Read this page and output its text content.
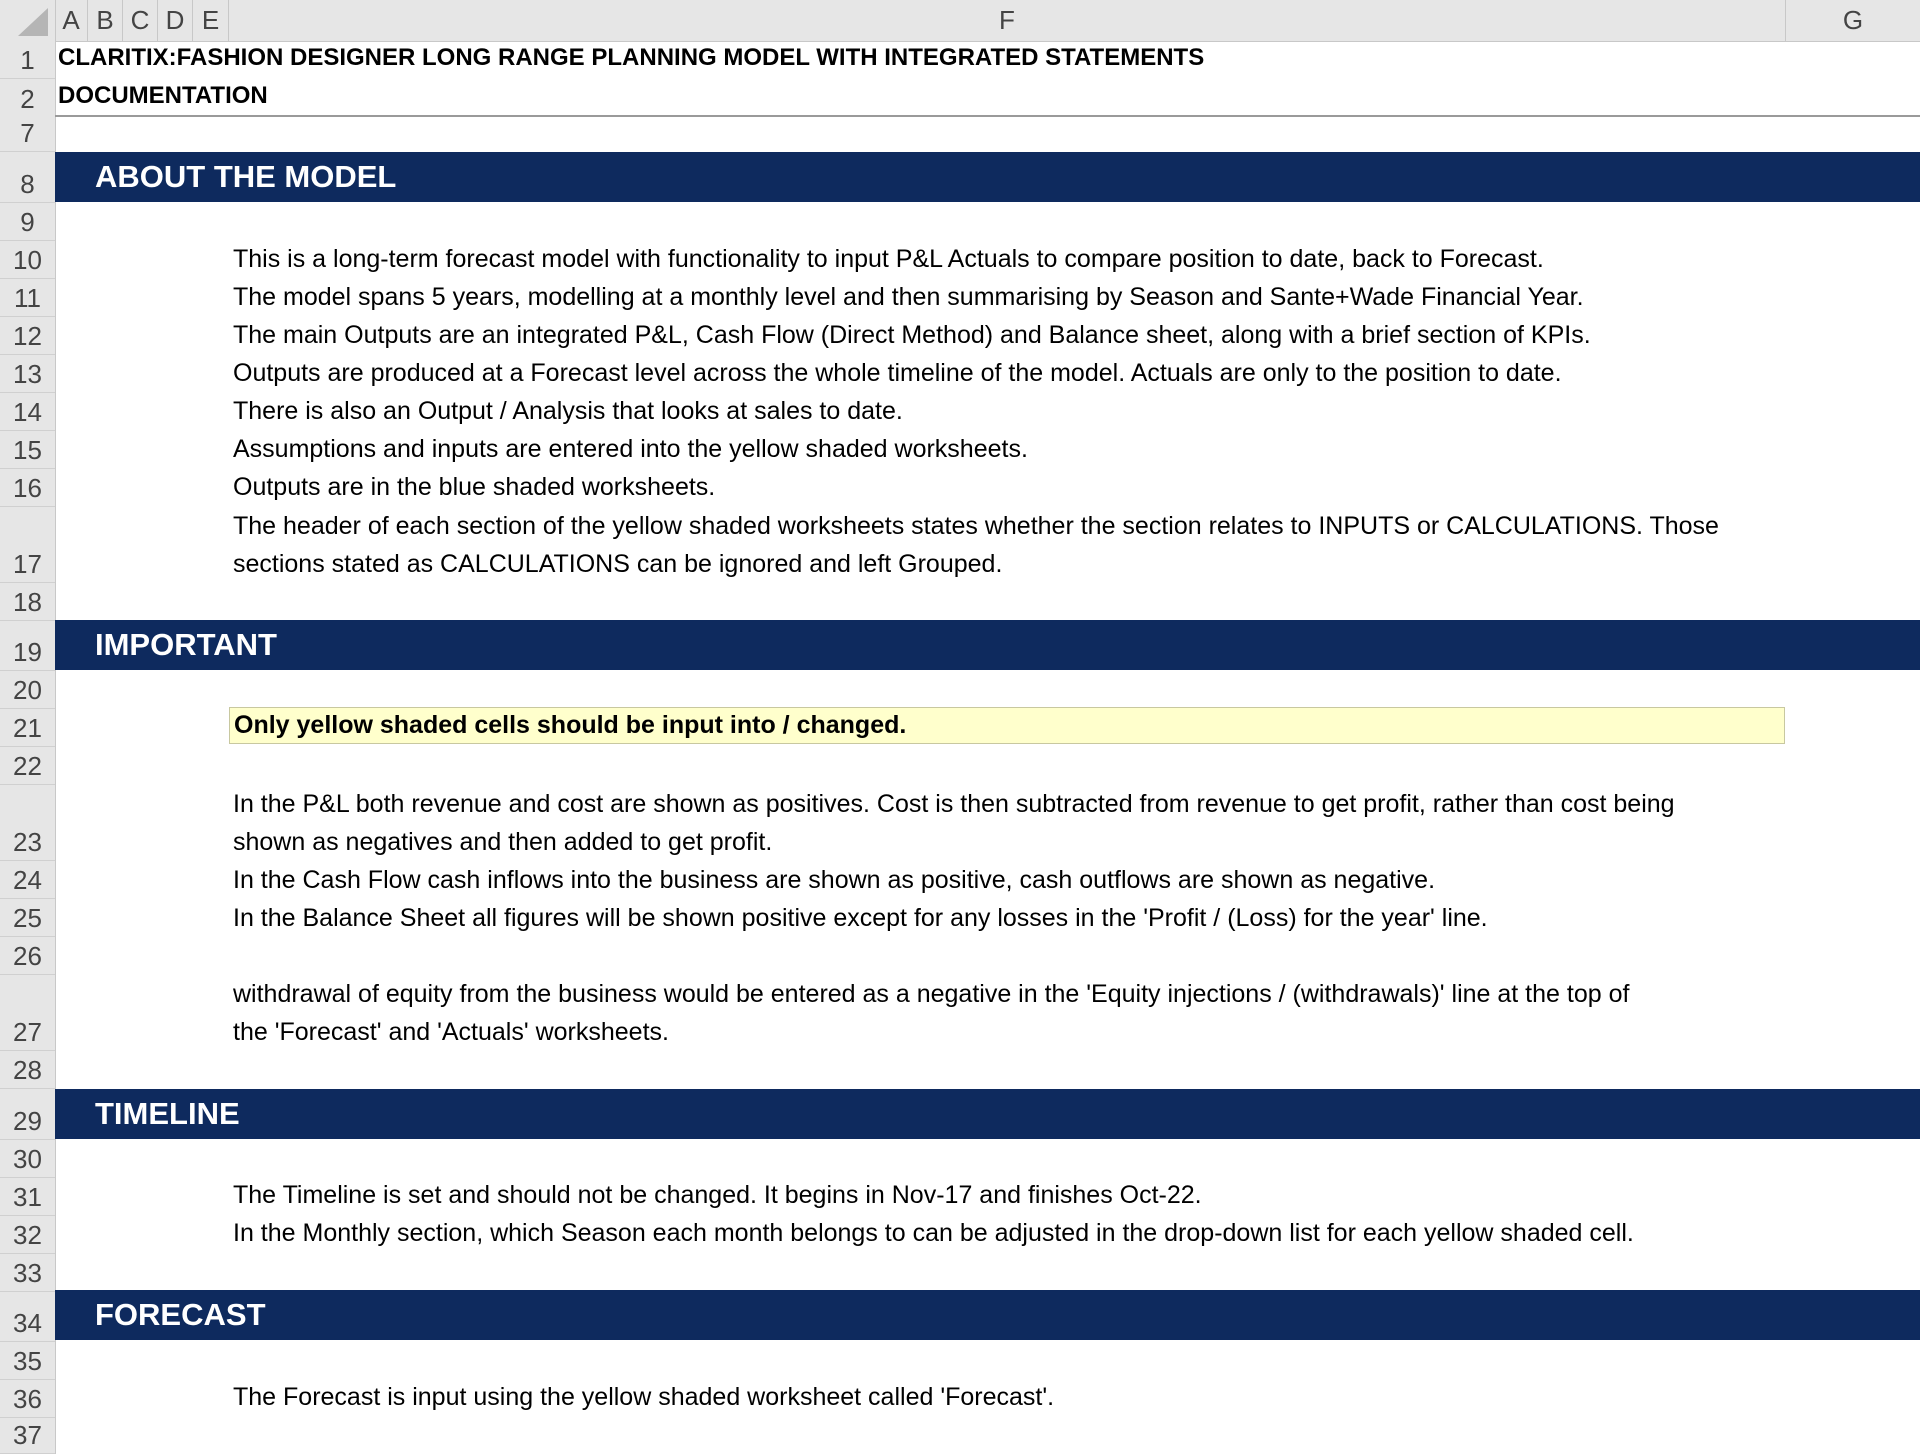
A B C D E	F	G
1
2
7
8
9
10
11
12
13
14
15
16
17
18
19
20
21
22
23
24
25
26
27
28
29
30
31
32
33
34
35
36
37
CLARITIX:FASHION DESIGNER LONG RANGE PLANNING MODEL WITH INTEGRATED STATEMENTS
DOCUMENTATION
ABOUT THE MODEL
This is a long-term forecast model with functionality to input P&L Actuals to compare position to date, back to Forecast.
The model spans 5 years, modelling at a monthly level and then summarising by Season and Sante+Wade Financial Year.
The main Outputs are an integrated P&L, Cash Flow (Direct Method) and Balance sheet, along with a brief section of KPIs.
Outputs are produced at a Forecast level across the whole timeline of the model. Actuals are only to the position to date.
There is also an Output / Analysis that looks at sales to date.
Assumptions and inputs are entered into the yellow shaded worksheets.
Outputs are in the blue shaded worksheets.
The header of each section of the yellow shaded worksheets states whether the section relates to INPUTS or CALCULATIONS. Those
sections stated as CALCULATIONS can be ignored and left Grouped.
IMPORTANT
Only yellow shaded cells should be input into / changed.
In the P&L both revenue and cost are shown as positives. Cost is then subtracted from revenue to get profit, rather than cost being
shown as negatives and then added to get profit.
In the Cash Flow cash inflows into the business are shown as positive, cash outflows are shown as negative.
In the Balance Sheet all figures will be shown positive except for any losses in the 'Profit / (Loss) for the year' line.
withdrawal of equity from the business would be entered as a negative in the 'Equity injections / (withdrawals)' line at the top of
the 'Forecast' and 'Actuals' worksheets.
TIMELINE
The Timeline is set and should not be changed. It begins in Nov-17 and finishes Oct-22.
In the Monthly section, which Season each month belongs to can be adjusted in the drop-down list for each yellow shaded cell.
FORECAST
The Forecast is input using the yellow shaded worksheet called 'Forecast'.
